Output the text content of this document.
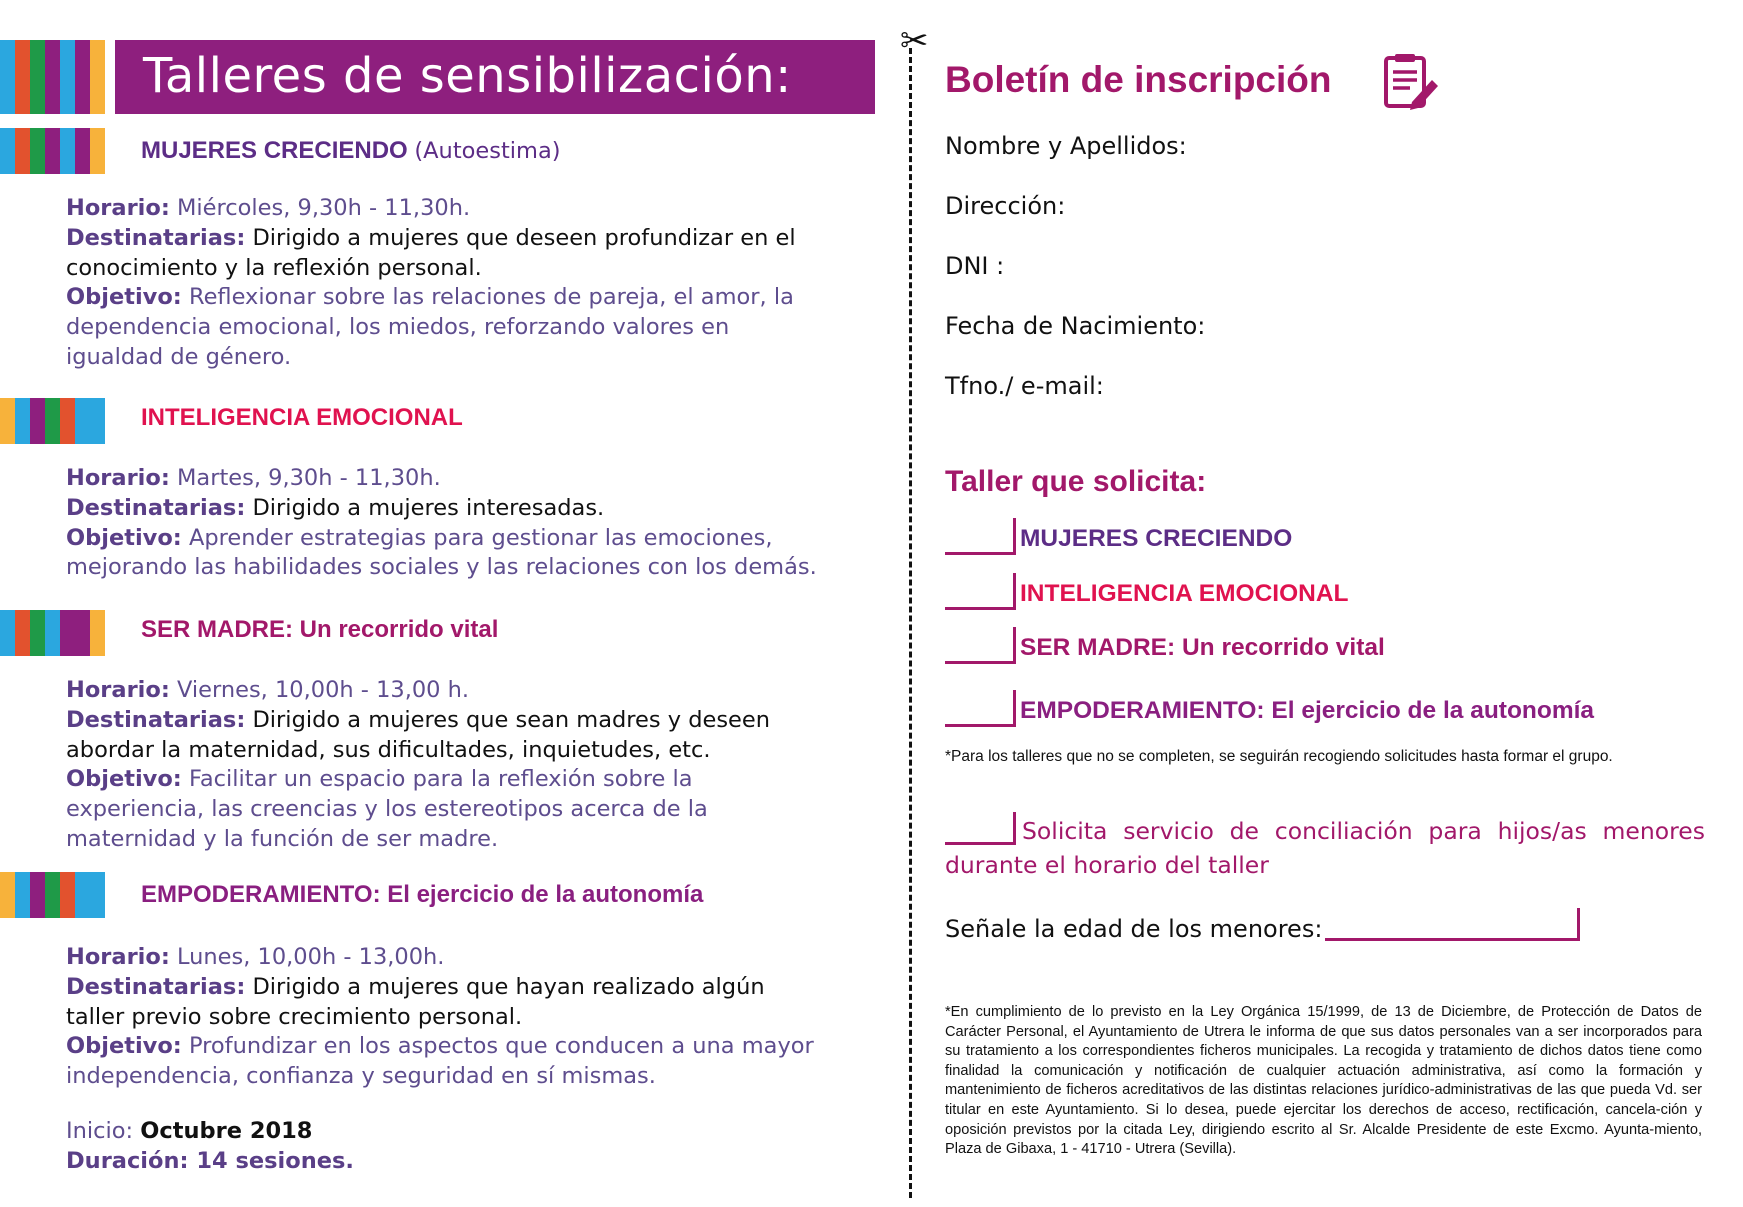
Talleres de sensibilización:
MUJERES CRECIENDO (Autoestima)

Horario: Miércoles, 9,30h - 11,30h.

Destinatarias: Dirigido a mujeres que deseen profundizar en el conocimiento y la reflexión personal.

Objetivo: Reflexionar sobre las relaciones de pareja, el amor, la dependencia emocional, los miedos, reforzando valores en igualdad de género.

INTELIGENCIA EMOCIONAL

Horario: Martes, 9,30h - 11,30h.

Destinatarias: Dirigido a mujeres interesadas.

Objetivo: Aprender estrategias para gestionar las emociones, mejorando las habilidades sociales y las relaciones con los demás.

SER MADRE: Un recorrido vital

Horario: Viernes, 10,00h - 13,00 h.

Destinatarias: Dirigido a mujeres que sean madres y deseen abordar la maternidad, sus dificultades, inquietudes, etc.

Objetivo: Facilitar un espacio para la reflexión sobre la experiencia, las creencias y los estereotipos acerca de la maternidad y la función de ser madre.

EMPODERAMIENTO: El ejercicio de la autonomía

Horario: Lunes, 10,00h - 13,00h.

Destinatarias: Dirigido a mujeres que hayan realizado algún taller previo sobre crecimiento personal.

Objetivo: Profundizar en los aspectos que conducen a una mayor independencia, confianza y seguridad en sí mismas.

Inicio: Octubre 2018

Duración: 14 sesiones.

✂
Boletín de inscripción
Nombre y Apellidos:
Dirección:
DNI :
Fecha de Nacimiento:
Tfno./ e-mail:
Taller que solicita:
MUJERES CRECIENDO
INTELIGENCIA EMOCIONAL
SER MADRE: Un recorrido vital
EMPODERAMIENTO: El ejercicio de la autonomía
*Para los talleres que no se completen, se seguirán recogiendo solicitudes hasta formar el grupo.
Solicita servicio de conciliación para hijos/as menores durante el horario del taller
Señale la edad de los menores:
*En cumplimiento de lo previsto en la Ley Orgánica 15/1999, de 13 de Diciembre, de Protección de Datos de Carácter Personal, el Ayuntamiento de Utrera le informa de que sus datos personales van a ser incorporados para su tratamiento a los correspondientes ficheros municipales. La recogida y tratamiento de dichos datos tiene como finalidad la comunicación y notificación de cualquier actuación administrativa, así como la formación y mantenimiento de ficheros acreditativos de las distintas relaciones jurídico-administrativas de las que pueda Vd. ser titular en este Ayuntamiento. Si lo desea, puede ejercitar los derechos de acceso, rectificación, cancela-ción y oposición previstos por la citada Ley, dirigiendo escrito al Sr. Alcalde Presidente de este Excmo. Ayunta-miento, Plaza de Gibaxa, 1 - 41710 - Utrera (Sevilla).
